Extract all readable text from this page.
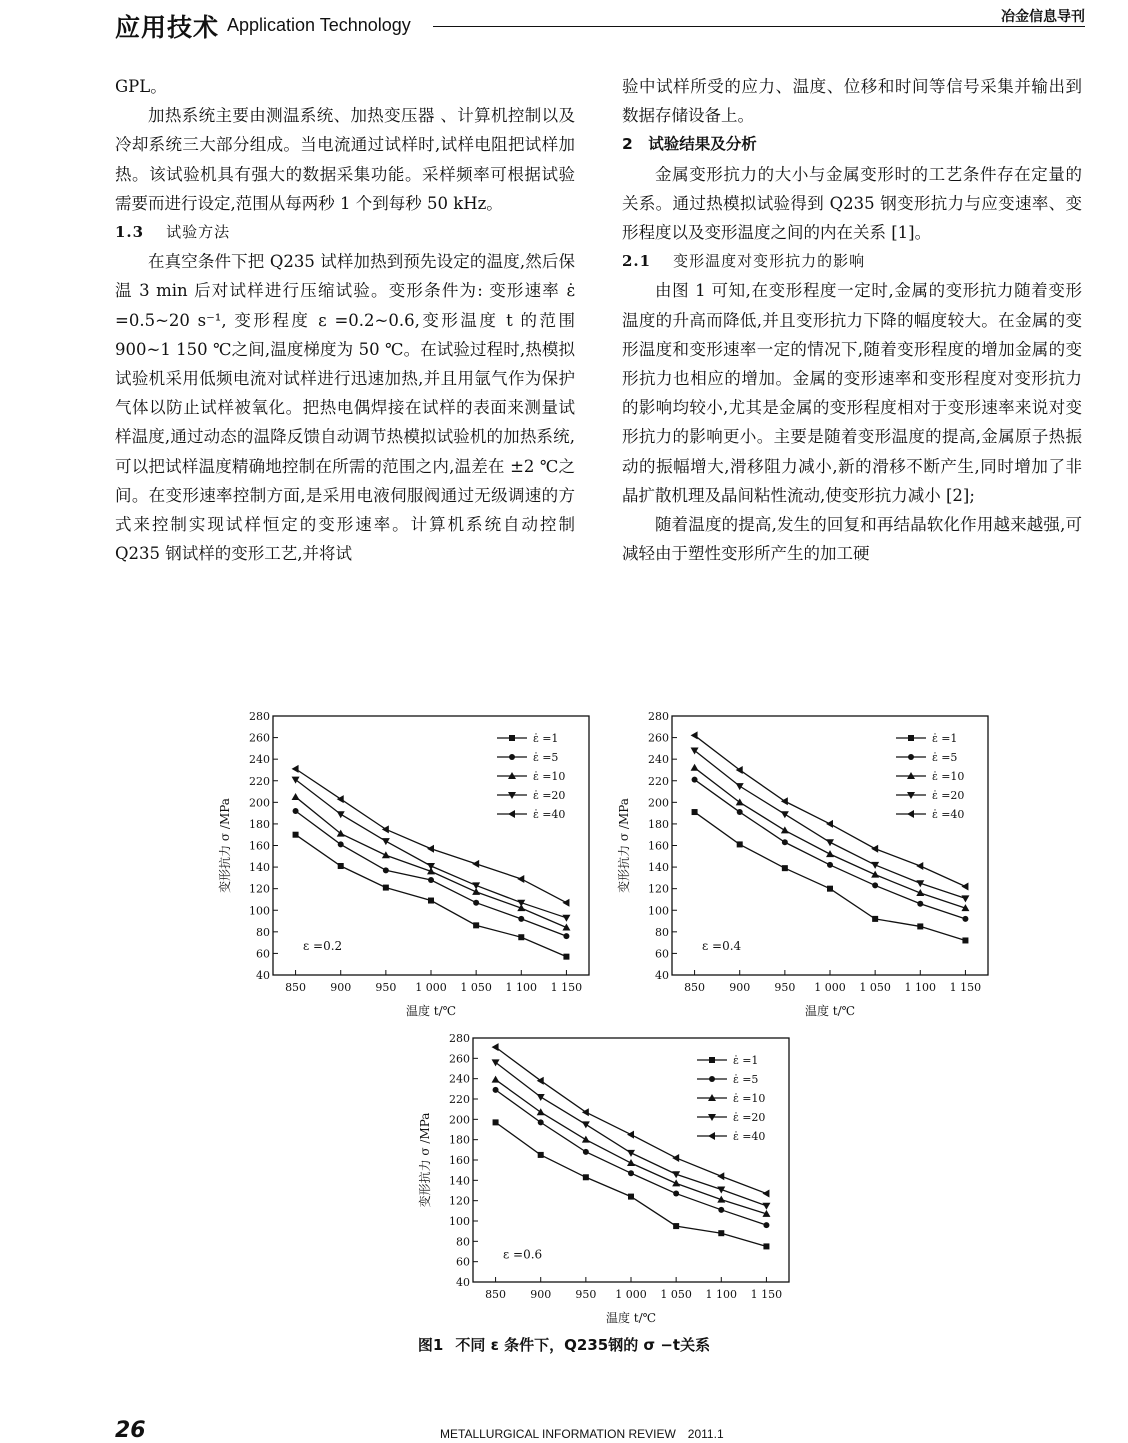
应用技术 Application Technology	冶金信息导刊

GPL。

加热系统主要由测温系统、加热变压器 、计算机控制以及冷却系统三大部分组成。当电流通过试样时,试样电阻把试样加热。该试验机具有强大的数据采集功能。采样频率可根据试验需要而进行设定,范围从每两秒 1 个到每秒 50 kHz。

1.3 试验方法

在真空条件下把 Q235 试样加热到预先设定的温度,然后保温 3 min 后对试样进行压缩试验。变形条件为: 变形速率 ε̇ =0.5~20 s⁻¹, 变形程度 ε =0.2~0.6,变形温度 t 的范围 900~1 150 ℃之间,温度梯度为 50 ℃。在试验过程时,热模拟试验机采用低频电流对试样进行迅速加热,并且用氩气作为保护气体以防止试样被氧化。把热电偶焊接在试样的表面来测量试样温度,通过动态的温降反馈自动调节热模拟试验机的加热系统,可以把试样温度精确地控制在所需的范围之内,温差在 ±2 ℃之间。在变形速率控制方面,是采用电液伺服阀通过无级调速的方式来控制实现试样恒定的变形速率。计算机系统自动控制 Q235 钢试样的变形工艺,并将试

验中试样所受的应力、温度、位移和时间等信号采集并输出到数据存储设备上。

2　试验结果及分析

金属变形抗力的大小与金属变形时的工艺条件存在定量的关系。通过热模拟试验得到 Q235 钢变形抗力与应变速率、变形程度以及变形温度之间的内在关系 [1]。

2.1 变形温度对变形抗力的影响

由图 1 可知,在变形程度一定时,金属的变形抗力随着变形温度的升高而降低,并且变形抗力下降的幅度较大。在金属的变形温度和变形速率一定的情况下,随着变形程度的增加金属的变形抗力也相应的增加。金属的变形速率和变形程度对变形抗力的影响均较小,尤其是金属的变形程度相对于变形速率来说对变形抗力的影响更小。主要是随着变形温度的提高,金属原子热振动的振幅增大,滑移阻力减小,新的滑移不断产生,同时增加了非晶扩散机理及晶间粘性流动,使变形抗力减小 [2];

随着温度的提高,发生的回复和再结晶软化作用越来越强,可减轻由于塑性变形所产生的加工硬

40
60
80
100
120
140
160
180
200
220
240
260
280
850 900 950 1 000 1 050 1 100 1 150
温度 t/℃
变形抗力 σ /MPa
ε =0.2
ε̇ =1
ε̇ =5
ε̇ =10
ε̇ =20
ε̇ =40
40
60
80
100
120
140
160
180
200
220
240
260
280
850 900 950 1 000 1 050 1 100 1 150
温度 t/℃
变形抗力 σ /MPa
ε =0.4
ε̇ =1
ε̇ =5
ε̇ =10
ε̇ =20
ε̇ =40
40
60
80
100
120
140
160
180
200
220
240
260
280
850 900 950 1 000 1 050 1 100 1 150
温度 t/℃
变形抗力 σ /MPa
ε =0.6
ε̇ =1
ε̇ =5
ε̇ =10
ε̇ =20
ε̇ =40
图1 不同 ε 条件下，Q235钢的 σ −t关系
26	METALLURGICAL INFORMATION REVIEW　2011.1
